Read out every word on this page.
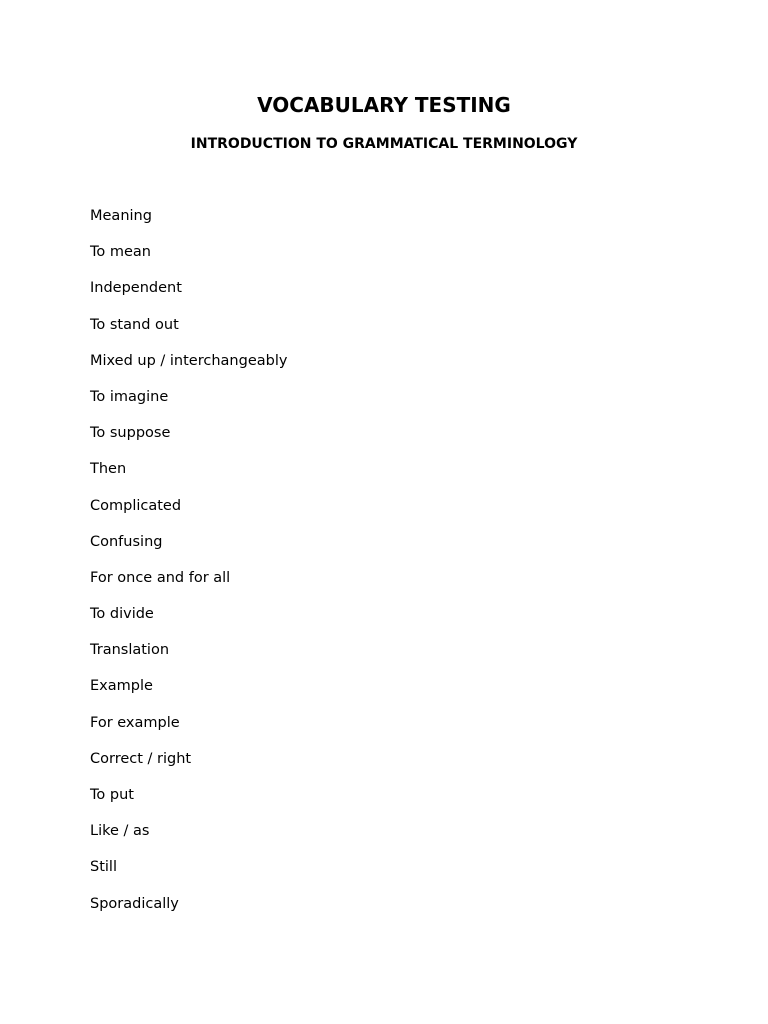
VOCABULARY TESTING
INTRODUCTION TO GRAMMATICAL TERMINOLOGY
Meaning
To mean
Independent
To stand out
Mixed up / interchangeably
To imagine
To suppose
Then
Complicated
Confusing
For once and for all
To divide
Translation
Example
For example
Correct / right
To put
Like / as
Still
Sporadically
